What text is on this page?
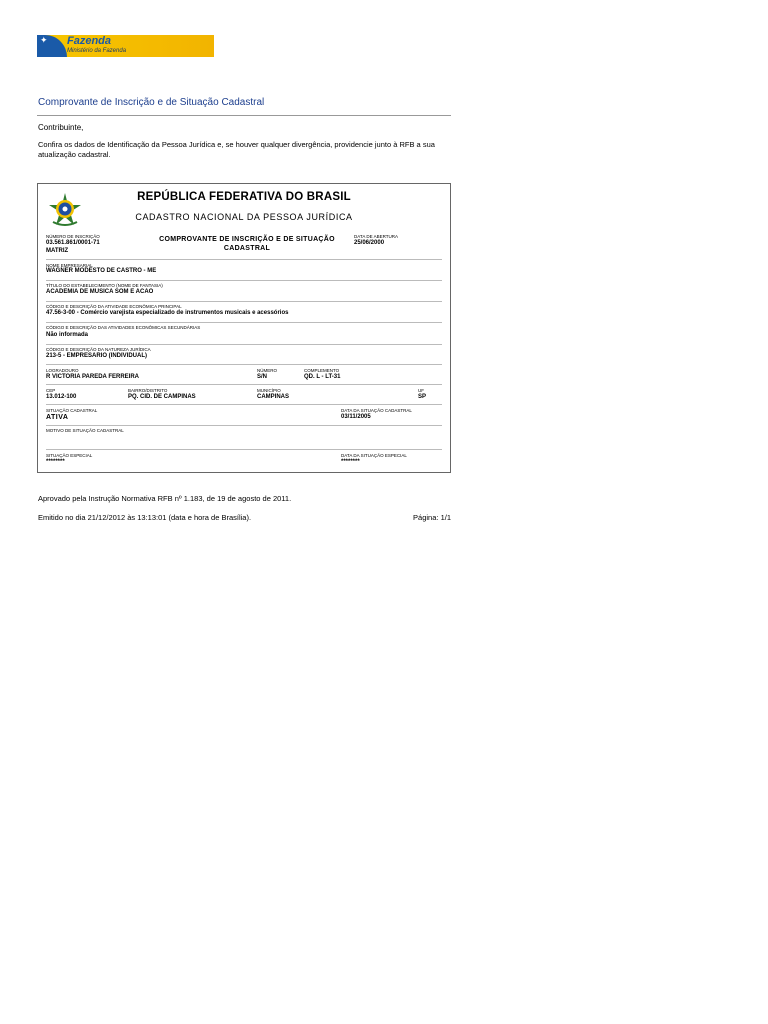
✦ Fazenda
Ministério da Fazenda
Comprovante de Inscrição e de Situação Cadastral
Contribuinte,

Confira os dados de Identificação da Pessoa Jurídica e, se houver qualquer divergência, providencie junto à RFB a sua atualização cadastral.

REPÚBLICA FEDERATIVA DO BRASIL
CADASTRO NACIONAL DA PESSOA JURÍDICA
NÚMERO DE INSCRIÇÃO
03.561.861/0001-71
MATRIZ
COMPROVANTE DE INSCRIÇÃO E DE SITUAÇÃO CADASTRAL
DATA DE ABERTURA
25/06/2000
NOME EMPRESARIAL
WAGNER MODESTO DE CASTRO - ME
TÍTULO DO ESTABELECIMENTO (NOME DE FANTASIA)
ACADEMIA DE MUSICA SOM E ACAO
CÓDIGO E DESCRIÇÃO DA ATIVIDADE ECONÔMICA PRINCIPAL
47.56-3-00 - Comércio varejista especializado de instrumentos musicais e acessórios
CÓDIGO E DESCRIÇÃO DAS ATIVIDADES ECONÔMICAS SECUNDÁRIAS
Não informada
CÓDIGO E DESCRIÇÃO DA NATUREZA JURÍDICA
213-5 - EMPRESARIO (INDIVIDUAL)
LOGRADOURO
R VICTORIA PAREDA FERREIRA
NÚMERO
S/N
COMPLEMENTO
QD. L - LT-31
CEP
13.012-100
BAIRRO/DISTRITO
PQ. CID. DE CAMPINAS
MUNICÍPIO
CAMPINAS
UF
SP
SITUAÇÃO CADASTRAL
ATIVA
DATA DA SITUAÇÃO CADASTRAL
03/11/2005
MOTIVO DE SITUAÇÃO CADASTRAL
SITUAÇÃO ESPECIAL
********
DATA DA SITUAÇÃO ESPECIAL
********
Aprovado pela Instrução Normativa RFB nº 1.183, de 19 de agosto de 2011.
Emitido no dia 21/12/2012 às 13:13:01 (data e hora de Brasília).	Página: 1/1
